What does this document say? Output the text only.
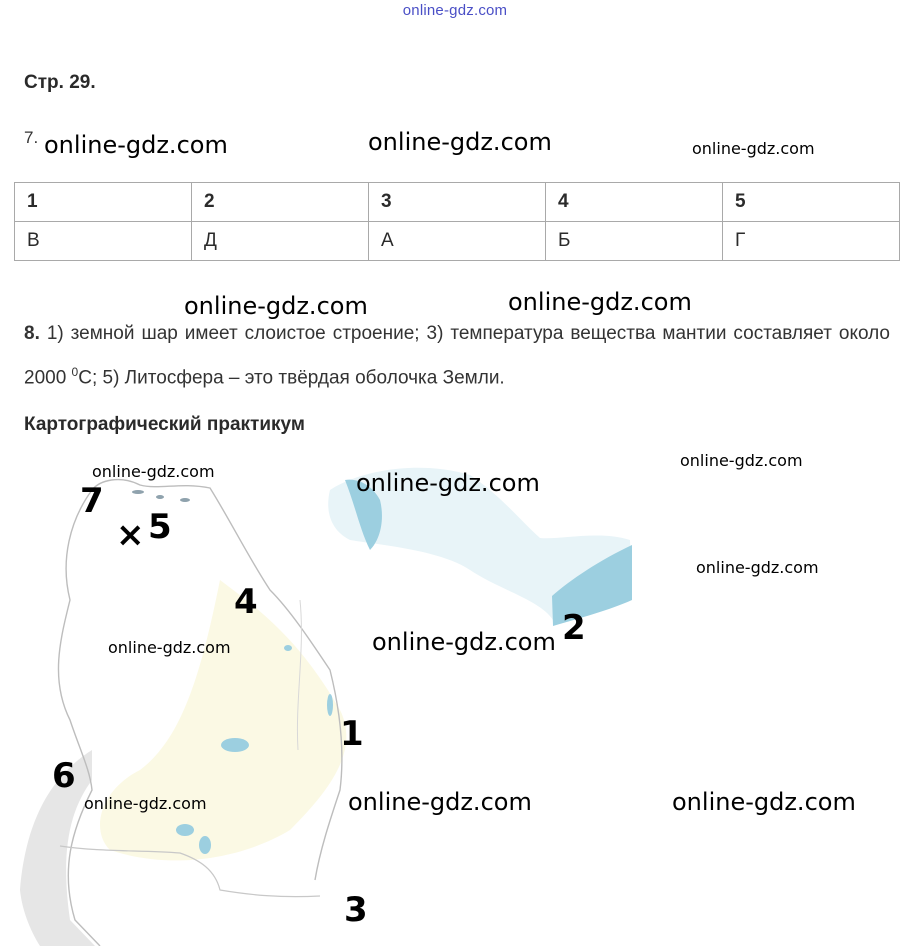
online-gdz.com
Стр. 29.
7. online-gdz.com	online-gdz.com	online-gdz.com
1	2	3	4	5
В	Д	А	Б	Г
online-gdz.com	online-gdz.com
8. 1) земной шар имеет слоистое строение; 3) температура вещества мантии составляет около 2000 $^0$С; 5) Литосфера – это твёрдая оболочка Земли.
Картографический практикум
7
× 5
4
2
1
6
3
online-gdz.com	online-gdz.com
online-gdz.com
online-gdz.com
online-gdz.com	online-gdz.com
online-gdz.com	online-gdz.com	online-gdz.com
